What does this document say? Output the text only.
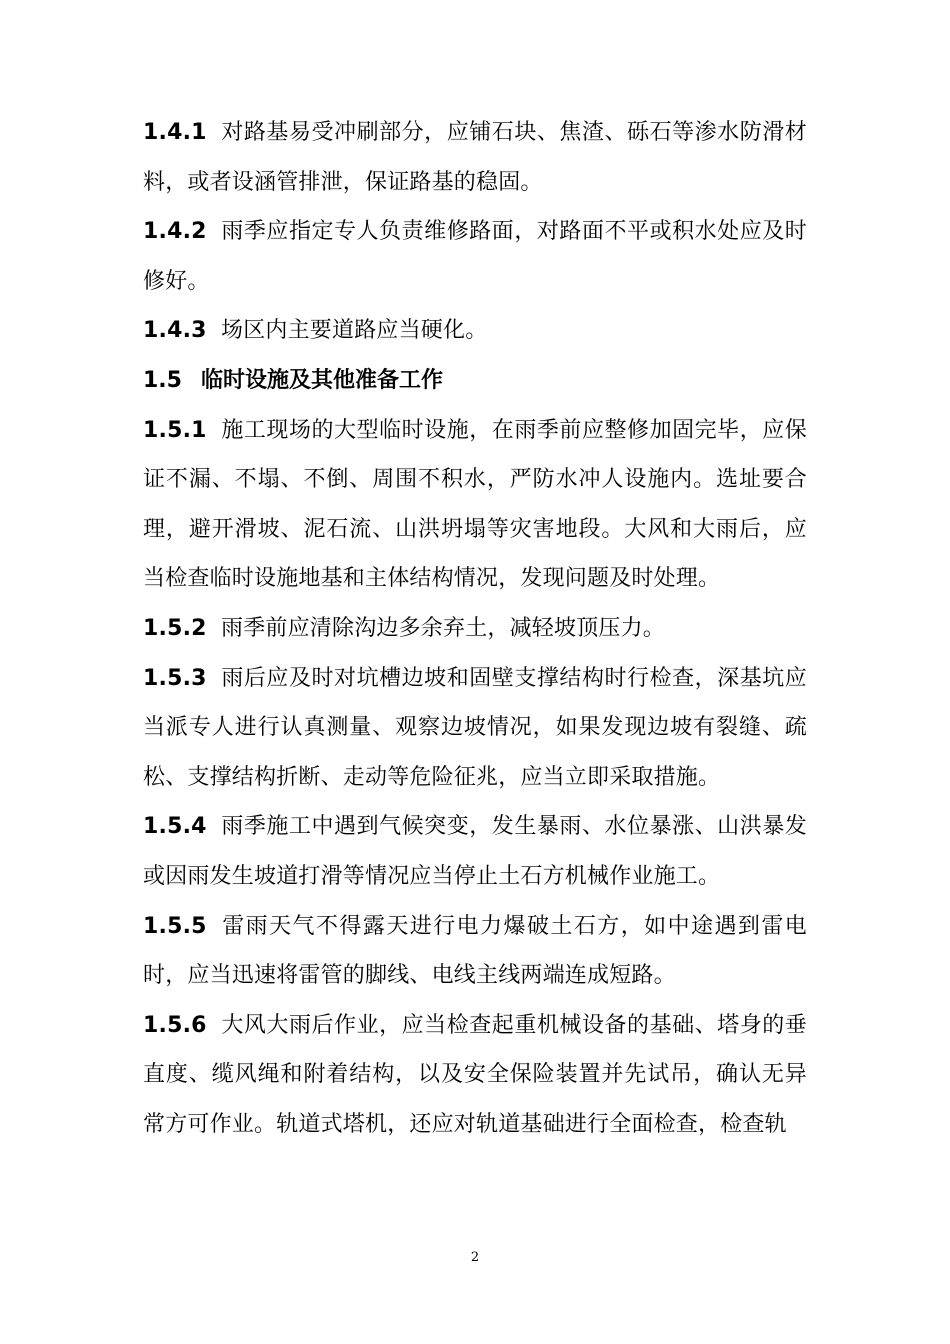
1.4.1 对路基易受冲刷部分，应铺石块、焦渣、砾石等渗水防滑材料，或者设涵管排泄，保证路基的稳固。

1.4.2 雨季应指定专人负责维修路面，对路面不平或积水处应及时修好。

1.4.3 场区内主要道路应当硬化。

1.5 临时设施及其他准备工作

1.5.1 施工现场的大型临时设施，在雨季前应整修加固完毕，应保证不漏、不塌、不倒、周围不积水，严防水冲人设施内。选址要合理，避开滑坡、泥石流、山洪坍塌等灾害地段。大风和大雨后，应当检查临时设施地基和主体结构情况，发现问题及时处理。

1.5.2 雨季前应清除沟边多余弃土，减轻坡顶压力。

1.5.3 雨后应及时对坑槽边坡和固壁支撑结构时行检查，深基坑应当派专人进行认真测量、观察边坡情况，如果发现边坡有裂缝、疏松、支撑结构折断、走动等危险征兆，应当立即采取措施。

1.5.4 雨季施工中遇到气候突变，发生暴雨、水位暴涨、山洪暴发或因雨发生坡道打滑等情况应当停止土石方机械作业施工。

1.5.5 雷雨天气不得露天进行电力爆破土石方，如中途遇到雷电时，应当迅速将雷管的脚线、电线主线两端连成短路。

1.5.6 大风大雨后作业，应当检查起重机械设备的基础、塔身的垂直度、缆风绳和附着结构，以及安全保险装置并先试吊，确认无异常方可作业。轨道式塔机，还应对轨道基础进行全面检查，检查轨

2
